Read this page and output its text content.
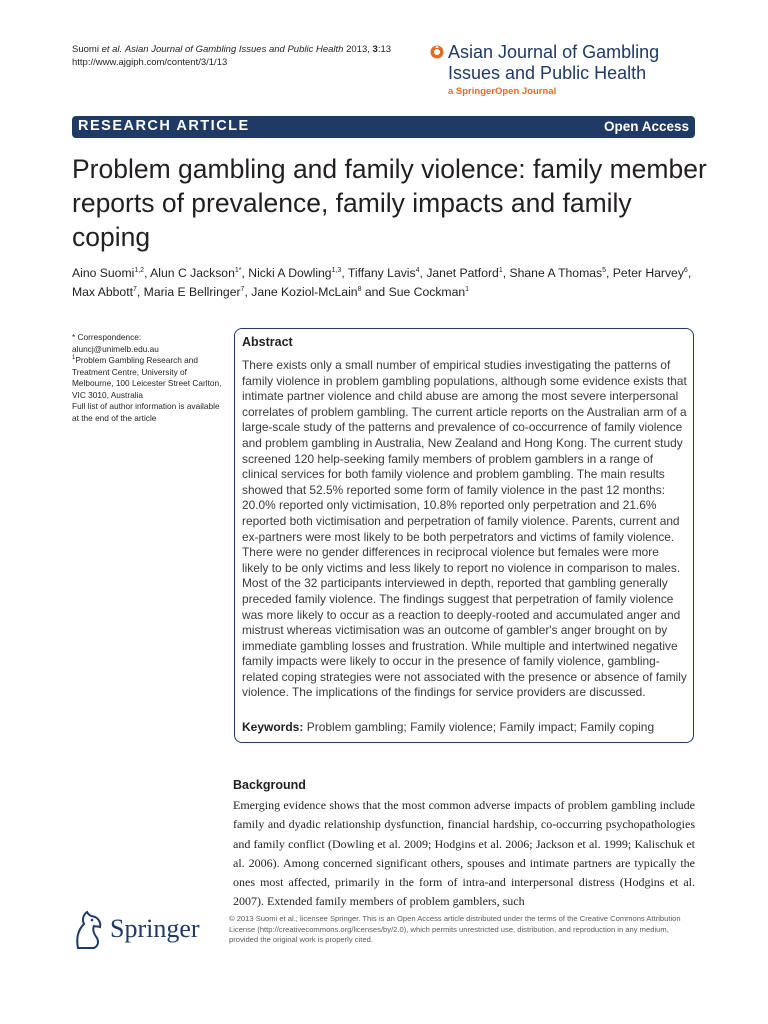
Suomi et al. Asian Journal of Gambling Issues and Public Health 2013, 3:13
http://www.ajgiph.com/content/3/1/13
Asian Journal of Gambling Issues and Public Health
a SpringerOpen Journal
RESEARCH ARTICLE	Open Access
Problem gambling and family violence: family member reports of prevalence, family impacts and family coping
Aino Suomi$^{1,2}$, Alun C Jackson$^{1*}$, Nicki A Dowling$^{1,3}$, Tiffany Lavis$^4$, Janet Patford$^1$, Shane A Thomas$^5$, Peter Harvey$^6$, Max Abbott$^7$, Maria E Bellringer$^7$, Jane Koziol-McLain$^8$ and Sue Cockman$^1$

* Correspondence: aluncj@unimelb.edu.au

$^1$Problem Gambling Research and Treatment Centre, University of Melbourne, 100 Leicester Street Carlton, VIC 3010, Australia

Full list of author information is available at the end of the article

Abstract

There exists only a small number of empirical studies investigating the patterns of family violence in problem gambling populations, although some evidence exists that intimate partner violence and child abuse are among the most severe interpersonal correlates of problem gambling. The current article reports on the Australian arm of a large-scale study of the patterns and prevalence of co-occurrence of family violence and problem gambling in Australia, New Zealand and Hong Kong. The current study screened 120 help-seeking family members of problem gamblers in a range of clinical services for both family violence and problem gambling. The main results showed that 52.5% reported some form of family violence in the past 12 months: 20.0% reported only victimisation, 10.8% reported only perpetration and 21.6% reported both victimisation and perpetration of family violence. Parents, current and ex-partners were most likely to be both perpetrators and victims of family violence. There were no gender differences in reciprocal violence but females were more likely to be only victims and less likely to report no violence in comparison to males. Most of the 32 participants interviewed in depth, reported that gambling generally preceded family violence. The findings suggest that perpetration of family violence was more likely to occur as a reaction to deeply-rooted and accumulated anger and mistrust whereas victimisation was an outcome of gambler's anger brought on by immediate gambling losses and frustration. While multiple and intertwined negative family impacts were likely to occur in the presence of family violence, gambling-related coping strategies were not associated with the presence or absence of family violence. The implications of the findings for service providers are discussed.

Keywords: Problem gambling; Family violence; Family impact; Family coping
Background

Emerging evidence shows that the most common adverse impacts of problem gambling include family and dyadic relationship dysfunction, financial hardship, co-occurring psychopathologies and family conflict (Dowling et al. 2009; Hodgins et al. 2006; Jackson et al. 1999; Kalischuk et al. 2006). Among concerned significant others, spouses and intimate partners are typically the ones most affected, primarily in the form of intra-and interpersonal distress (Hodgins et al. 2007). Extended family members of problem gamblers, such

Springer	© 2013 Suomi et al.; licensee Springer. This is an Open Access article distributed under the terms of the Creative Commons Attribution License (http://creativecommons.org/licenses/by/2.0), which permits unrestricted use, distribution, and reproduction in any medium, provided the original work is properly cited.
